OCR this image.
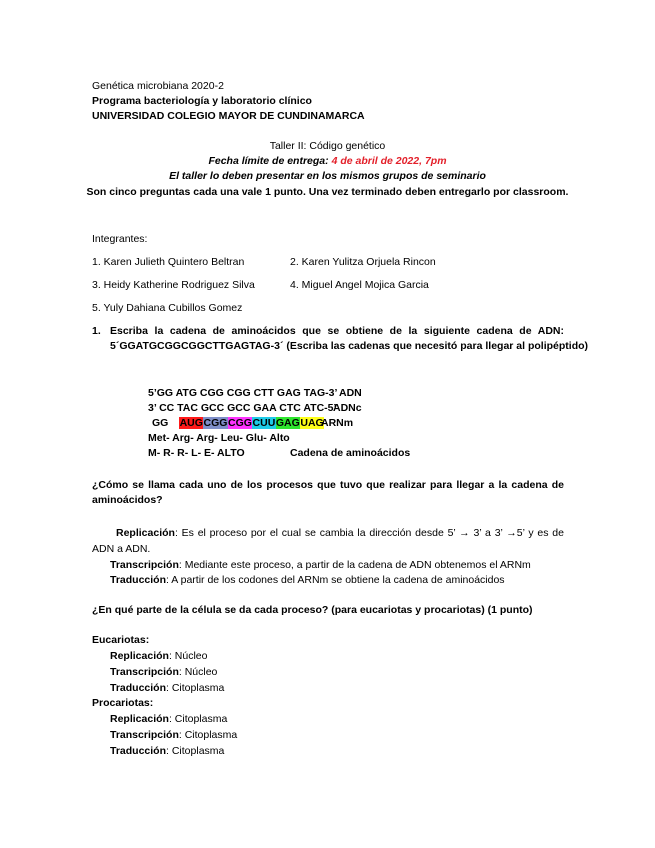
Genética microbiana 2020-2
Programa bacteriología y laboratorio clínico
UNIVERSIDAD COLEGIO MAYOR DE CUNDINAMARCA
Taller II: Código genético
Fecha límite de entrega: 4 de abril de 2022, 7pm
El taller lo deben presentar en los mismos grupos de seminario
Son cinco preguntas cada una vale 1 punto. Una vez terminado deben entregarlo por classroom.
Integrantes:
1. Karen Julieth Quintero Beltran	2. Karen Yulitza Orjuela Rincon
3. Heidy Katherine Rodriguez Silva	4. Miguel Angel Mojica Garcia
5. Yuly Dahiana Cubillos Gomez
1. Escriba la cadena de aminoácidos que se obtiene de la siguiente cadena de ADN:
5´GGATGCGGCGGCTTGAGTAG-3´ (Escriba las cadenas que necesitó para llegar al polipéptido)
5’GG ATG CGG CGG CTT GAG TAG-3’ ADN
3’ CC TAC GCC GCC GAA CTC ATC-5’
ADNc
GG AUGCGGCGGCUUGAGUAG
ARNm
Met- Arg- Arg- Leu- Glu- Alto
M- R- R- L- E- ALTO	Cadena de aminoácidos
¿Cómo se llama cada uno de los procesos que tuvo que realizar para llegar a la cadena de
aminoácidos?
Replicación: Es el proceso por el cual se cambia la dirección desde 5’ → 3’ a 3’ →5’ y es de ADN a ADN.
Transcripción: Mediante este proceso, a partir de la cadena de ADN obtenemos el ARNm
Traducción: A partir de los codones del ARNm se obtiene la cadena de aminoácidos
¿En qué parte de la célula se da cada proceso? (para eucariotas y procariotas) (1 punto)
Eucariotas:
Replicación: Núcleo
Transcripción: Núcleo
Traducción: Citoplasma
Procariotas:
Replicación: Citoplasma
Transcripción: Citoplasma
Traducción: Citoplasma
